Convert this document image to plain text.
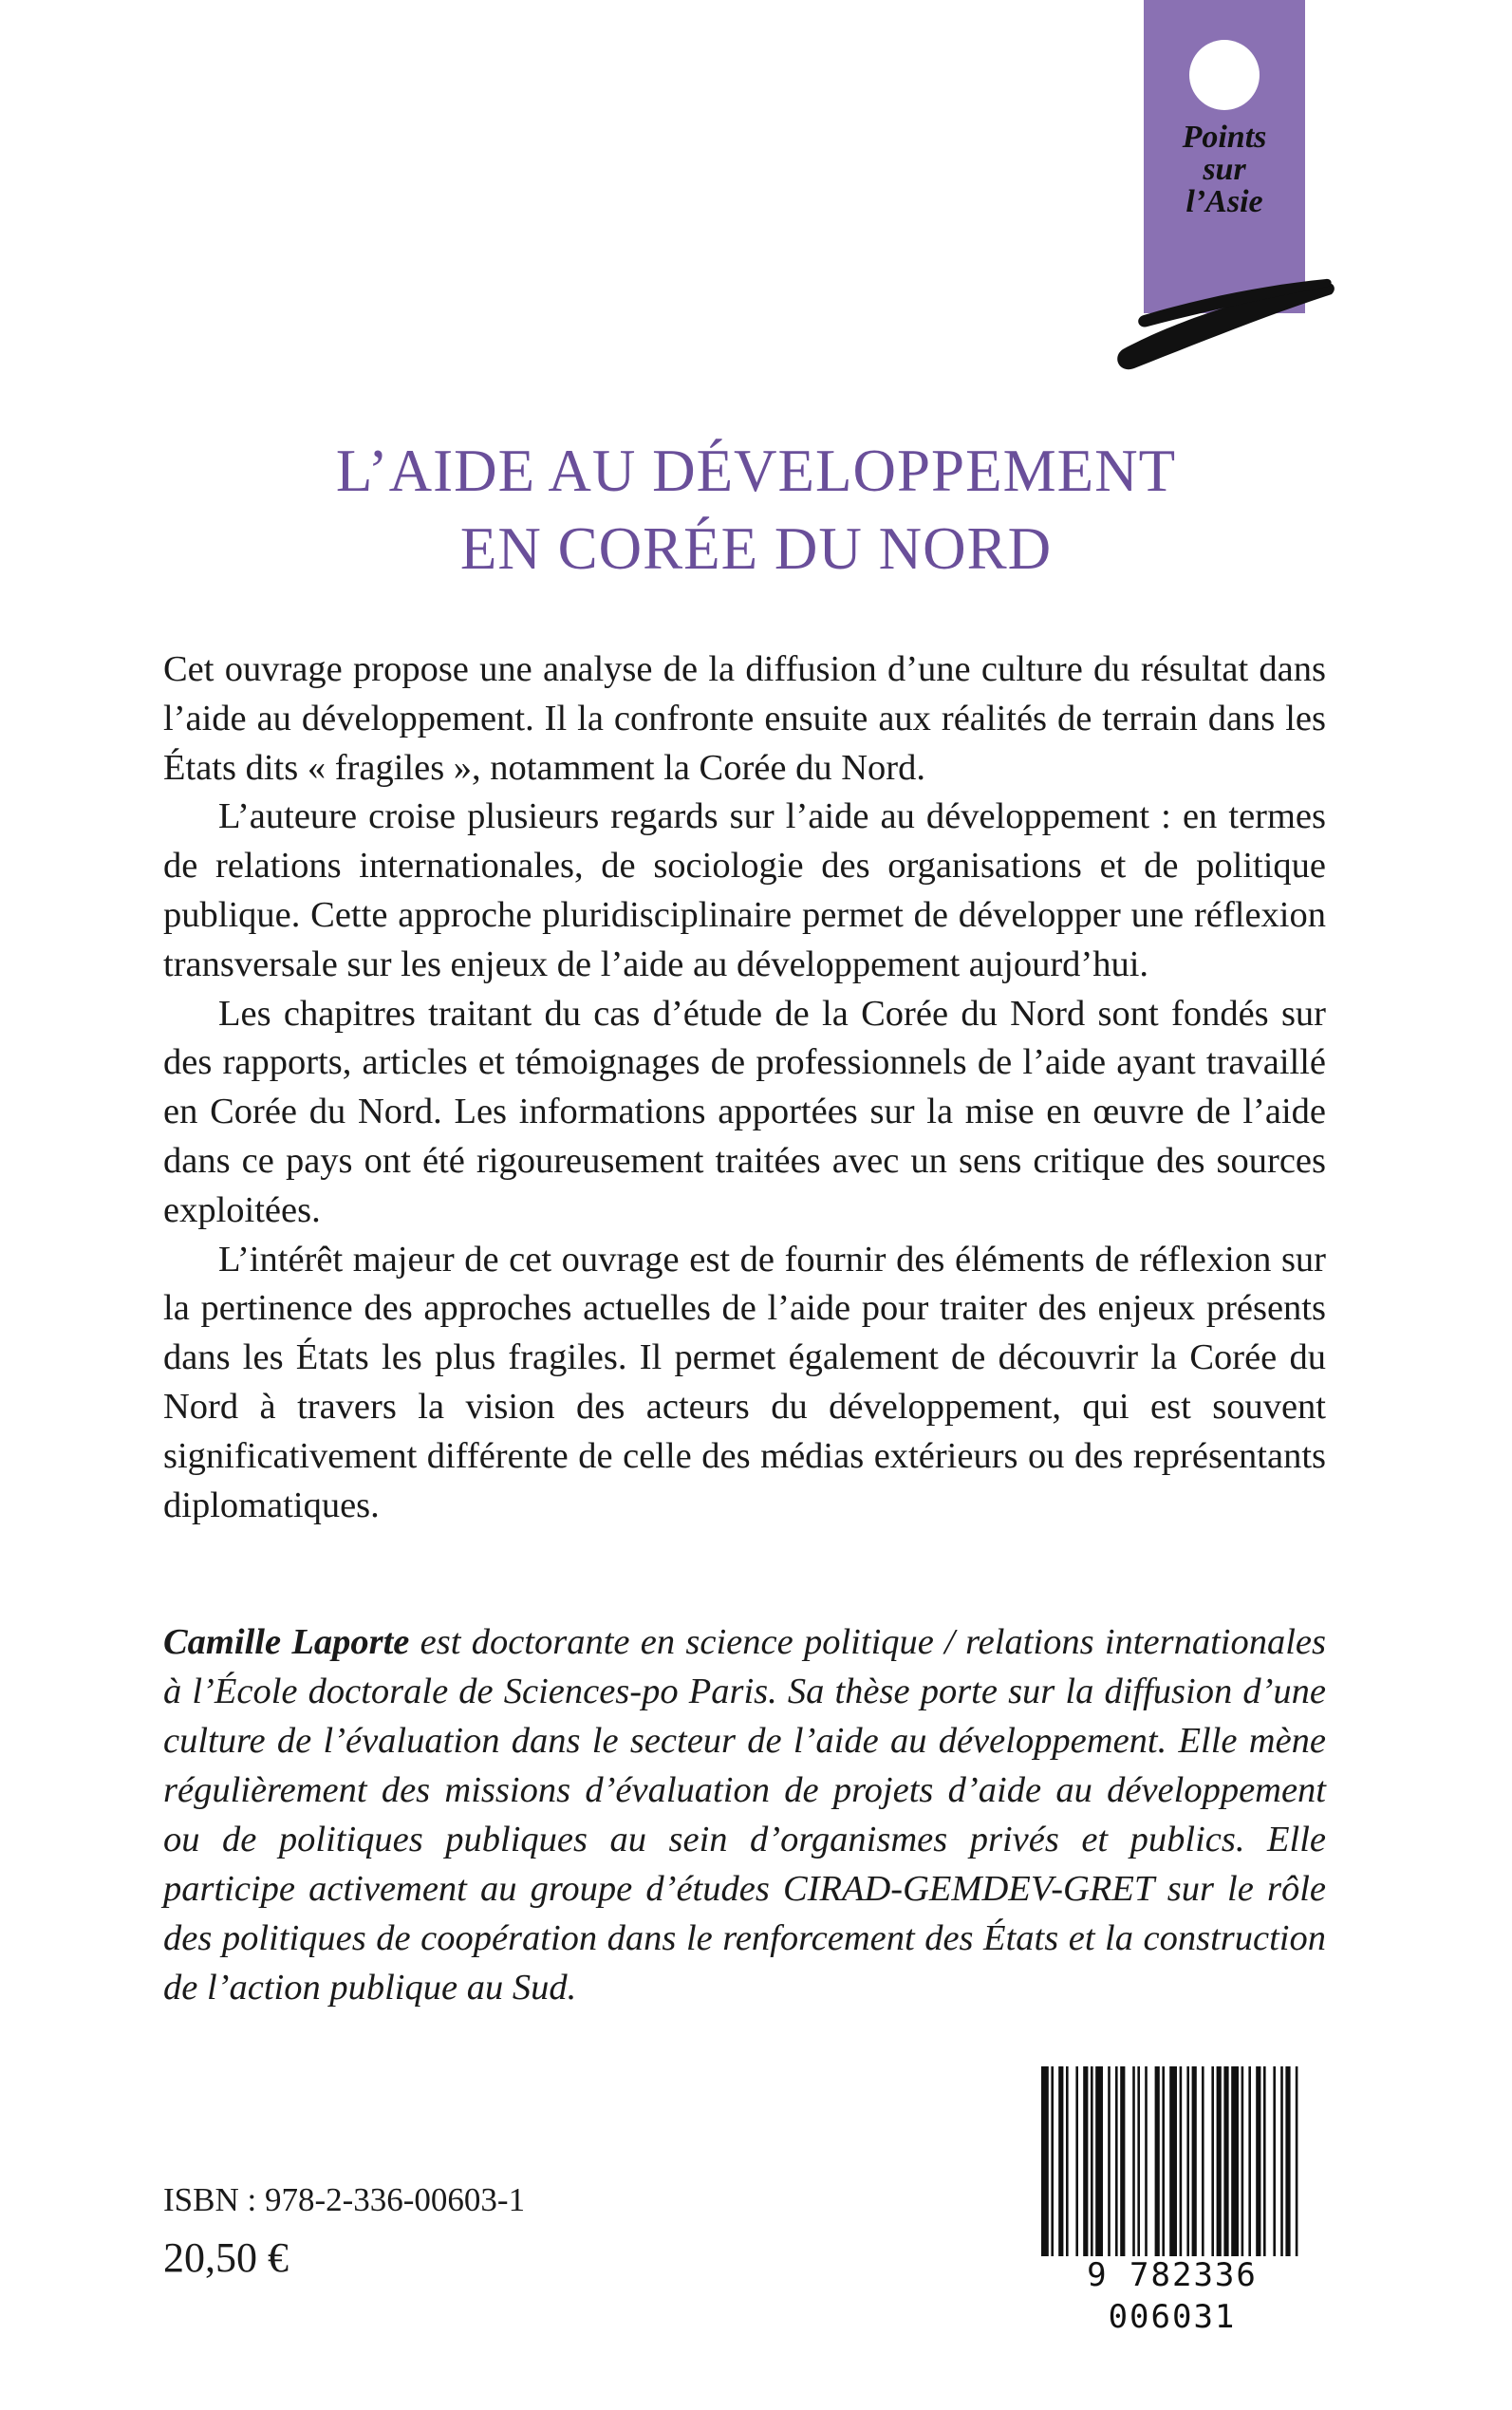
Points
sur
l’Asie
L’AIDE AU DÉVELOPPEMENT
EN CORÉE DU NORD

Cet ouvrage propose une analyse de la diffusion d’une culture du résultat dans l’aide au développement. Il la confronte ensuite aux réalités de terrain dans les États dits « fragiles », notamment la Corée du Nord.

L’auteure croise plusieurs regards sur l’aide au développement : en termes de relations internationales, de sociologie des organisations et de politique publique. Cette approche pluridisciplinaire permet de développer une réflexion transversale sur les enjeux de l’aide au développement aujourd’hui.

Les chapitres traitant du cas d’étude de la Corée du Nord sont fondés sur des rapports, articles et témoignages de professionnels de l’aide ayant travaillé en Corée du Nord. Les informations apportées sur la mise en œuvre de l’aide dans ce pays ont été rigoureusement traitées avec un sens critique des sources exploitées.

L’intérêt majeur de cet ouvrage est de fournir des éléments de réflexion sur la pertinence des approches actuelles de l’aide pour traiter des enjeux présents dans les États les plus fragiles. Il permet également de découvrir la Corée du Nord à travers la vision des acteurs du développement, qui est souvent significativement différente de celle des médias extérieurs ou des représentants diplomatiques.

Camille Laporte est doctorante en science politique / relations internationales à l’École doctorale de Sciences-po Paris. Sa thèse porte sur la diffusion d’une culture de l’évaluation dans le secteur de l’aide au développement. Elle mène régulièrement des missions d’évaluation de projets d’aide au développement ou de politiques publiques au sein d’organismes privés et publics. Elle participe activement au groupe d’études CIRAD-GEMDEV-GRET sur le rôle des politiques de coopération dans le renforcement des États et la construction de l’action publique au Sud.

9 782336 006031
ISBN : 978-2-336-00603-1
20,50 €
